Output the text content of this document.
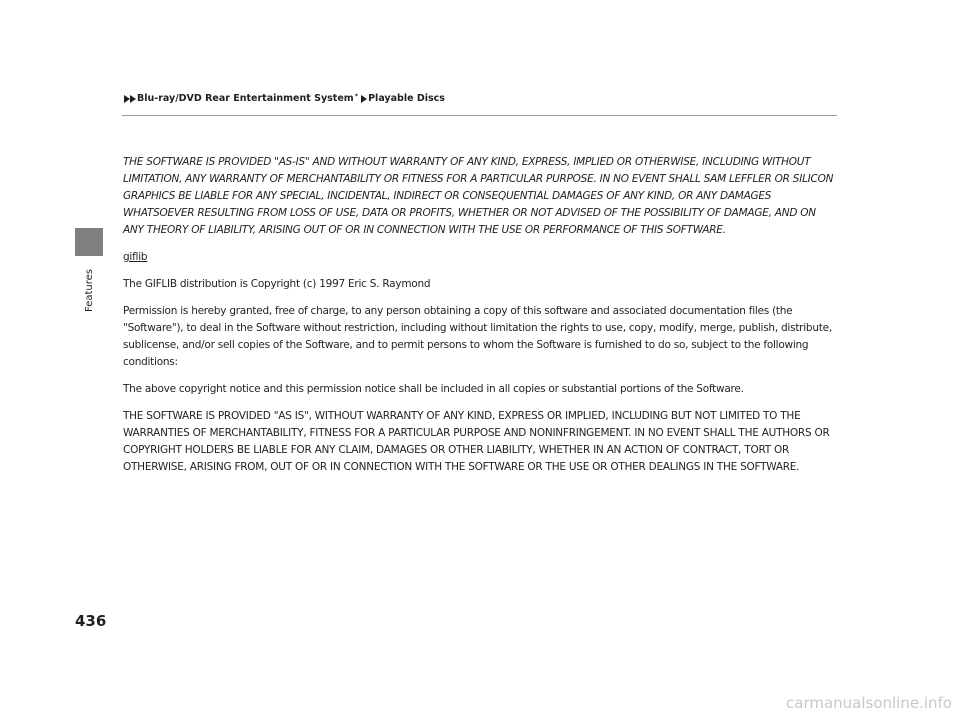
Features
Blu-ray/DVD Rear Entertainment System * Playable Discs

THE SOFTWARE IS PROVIDED "AS-IS" AND WITHOUT WARRANTY OF ANY KIND, EXPRESS, IMPLIED OR OTHERWISE, INCLUDING WITHOUT LIMITATION, ANY WARRANTY OF MERCHANTABILITY OR FITNESS FOR A PARTICULAR PURPOSE. IN NO EVENT SHALL SAM LEFFLER OR SILICON GRAPHICS BE LIABLE FOR ANY SPECIAL, INCIDENTAL, INDIRECT OR CONSEQUENTIAL DAMAGES OF ANY KIND, OR ANY DAMAGES WHATSOEVER RESULTING FROM LOSS OF USE, DATA OR PROFITS, WHETHER OR NOT ADVISED OF THE POSSIBILITY OF DAMAGE, AND ON ANY THEORY OF LIABILITY, ARISING OUT OF OR IN CONNECTION WITH THE USE OR PERFORMANCE OF THIS SOFTWARE.

giflib

The GIFLIB distribution is Copyright (c) 1997 Eric S. Raymond

Permission is hereby granted, free of charge, to any person obtaining a copy of this software and associated documentation files (the "Software"), to deal in the Software without restriction, including without limitation the rights to use, copy, modify, merge, publish, distribute, sublicense, and/or sell copies of the Software, and to permit persons to whom the Software is furnished to do so, subject to the following conditions:

The above copyright notice and this permission notice shall be included in all copies or substantial portions of the Software.

THE SOFTWARE IS PROVIDED "AS IS", WITHOUT WARRANTY OF ANY KIND, EXPRESS OR IMPLIED, INCLUDING BUT NOT LIMITED TO THE WARRANTIES OF MERCHANTABILITY, FITNESS FOR A PARTICULAR PURPOSE AND NONINFRINGEMENT. IN NO EVENT SHALL THE AUTHORS OR COPYRIGHT HOLDERS BE LIABLE FOR ANY CLAIM, DAMAGES OR OTHER LIABILITY, WHETHER IN AN ACTION OF CONTRACT, TORT OR OTHERWISE, ARISING FROM, OUT OF OR IN CONNECTION WITH THE SOFTWARE OR THE USE OR OTHER DEALINGS IN THE SOFTWARE.

436
carmanualsonline.info
